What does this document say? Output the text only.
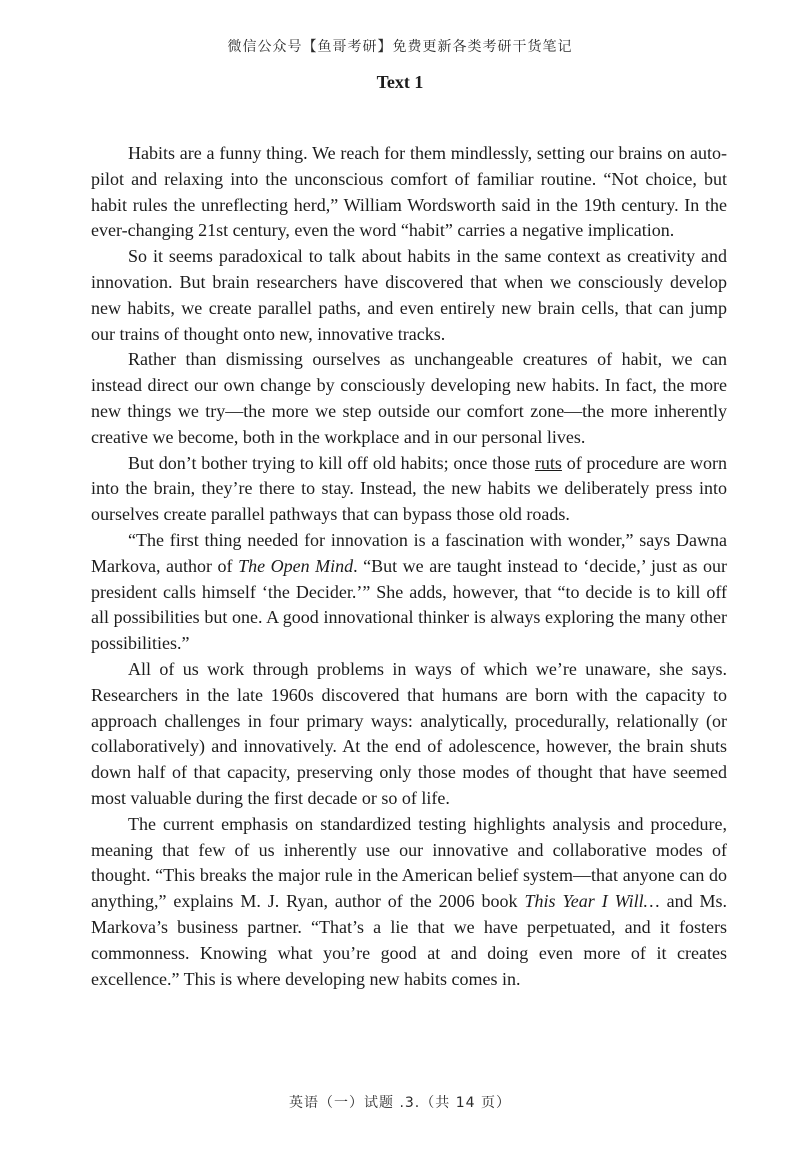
微信公众号【鱼哥考研】免费更新各类考研干货笔记
Text 1

Habits are a funny thing. We reach for them mindlessly, setting our brains on auto-pilot and relaxing into the unconscious comfort of familiar routine. “Not choice, but habit rules the unreflecting herd,” William Wordsworth said in the 19th century. In the ever-changing 21st century, even the word “habit” carries a negative implication.

So it seems paradoxical to talk about habits in the same context as creativity and innovation. But brain researchers have discovered that when we consciously develop new habits, we create parallel paths, and even entirely new brain cells, that can jump our trains of thought onto new, innovative tracks.

Rather than dismissing ourselves as unchangeable creatures of habit, we can instead direct our own change by consciously developing new habits. In fact, the more new things we try—the more we step outside our comfort zone—the more inherently creative we become, both in the workplace and in our personal lives.

But don’t bother trying to kill off old habits; once those ruts of procedure are worn into the brain, they’re there to stay. Instead, the new habits we deliberately press into ourselves create parallel pathways that can bypass those old roads.

“The first thing needed for innovation is a fascination with wonder,” says Dawna Markova, author of The Open Mind. “But we are taught instead to ‘decide,’ just as our president calls himself ‘the Decider.’” She adds, however, that “to decide is to kill off all possibilities but one. A good innovational thinker is always exploring the many other possibilities.”

All of us work through problems in ways of which we’re unaware, she says. Researchers in the late 1960s discovered that humans are born with the capacity to approach challenges in four primary ways: analytically, procedurally, relationally (or collaboratively) and innovatively. At the end of adolescence, however, the brain shuts down half of that capacity, preserving only those modes of thought that have seemed most valuable during the first decade or so of life.

The current emphasis on standardized testing highlights analysis and procedure, meaning that few of us inherently use our innovative and collaborative modes of thought. “This breaks the major rule in the American belief system—that anyone can do anything,” explains M. J. Ryan, author of the 2006 book This Year I Will… and Ms. Markova’s business partner. “That’s a lie that we have perpetuated, and it fosters commonness. Knowing what you’re good at and doing even more of it creates excellence.” This is where developing new habits comes in.

英语（一）试题 .3.（共 14 页）
